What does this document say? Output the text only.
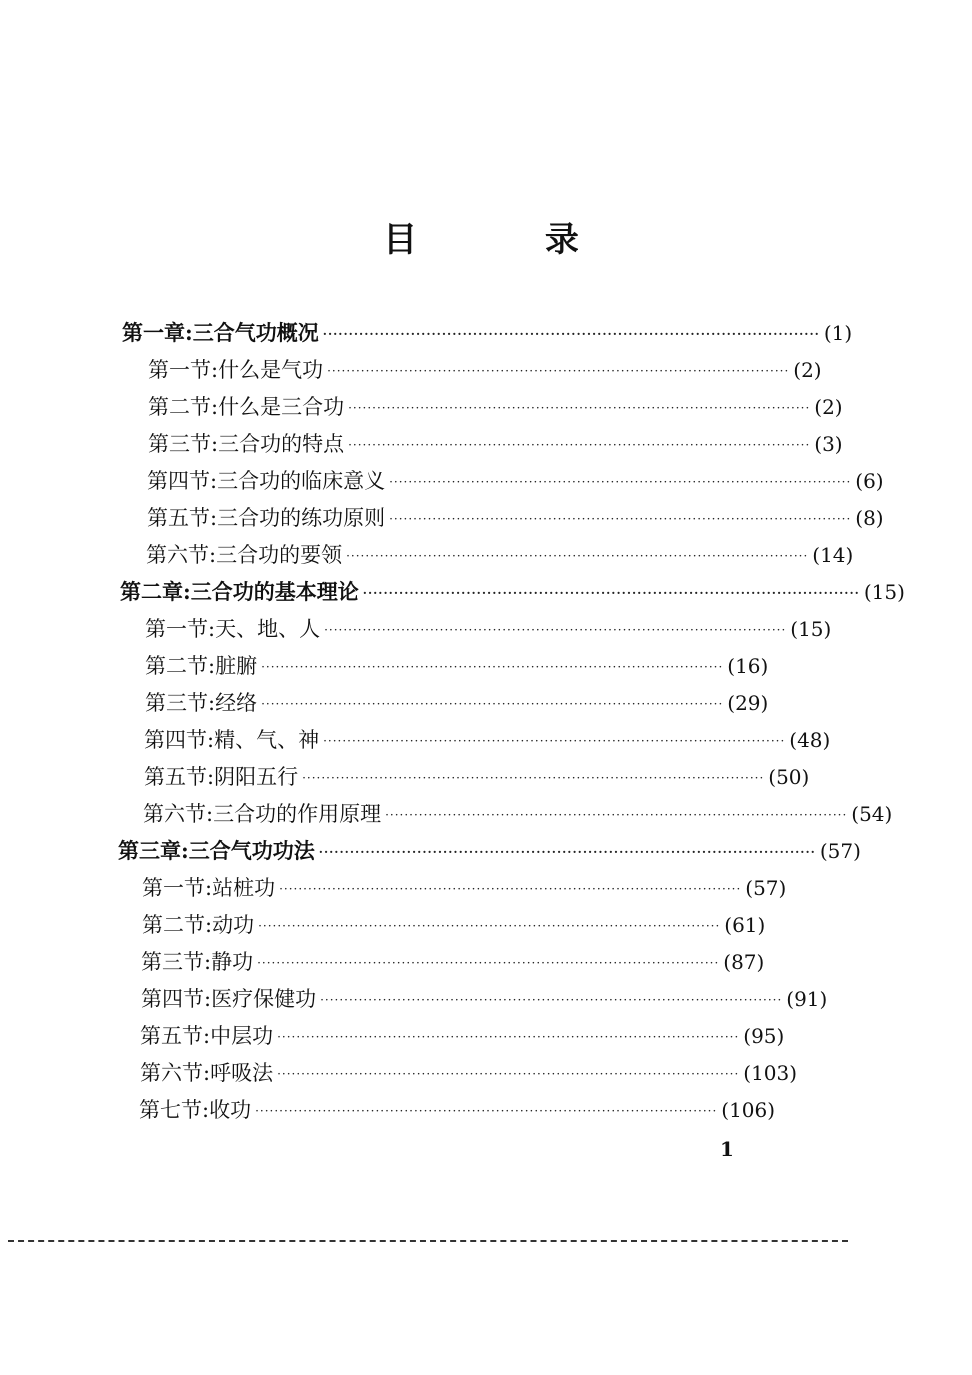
目 录
第一章:三合气功概况 ································································································ (1)
第一节:什么是气功 ································································································ (2)
第二节:什么是三合功 ································································································ (2)
第三节:三合功的特点 ································································································ (3)
第四节:三合功的临床意义 ································································································ (6)
第五节:三合功的练功原则 ································································································ (8)
第六节:三合功的要领 ································································································ (14)
第二章:三合功的基本理论 ································································································ (15)
第一节:天、地、人 ································································································ (15)
第二节:脏腑 ································································································ (16)
第三节:经络 ································································································ (29)
第四节:精、气、神 ································································································ (48)
第五节:阴阳五行 ································································································ (50)
第六节:三合功的作用原理 ································································································ (54)
第三章:三合气功功法 ································································································ (57)
第一节:站桩功 ································································································ (57)
第二节:动功 ································································································ (61)
第三节:静功 ································································································ (87)
第四节:医疗保健功 ································································································ (91)
第五节:中层功 ································································································ (95)
第六节:呼吸法 ································································································ (103)
第七节:收功 ································································································ (106)
1
